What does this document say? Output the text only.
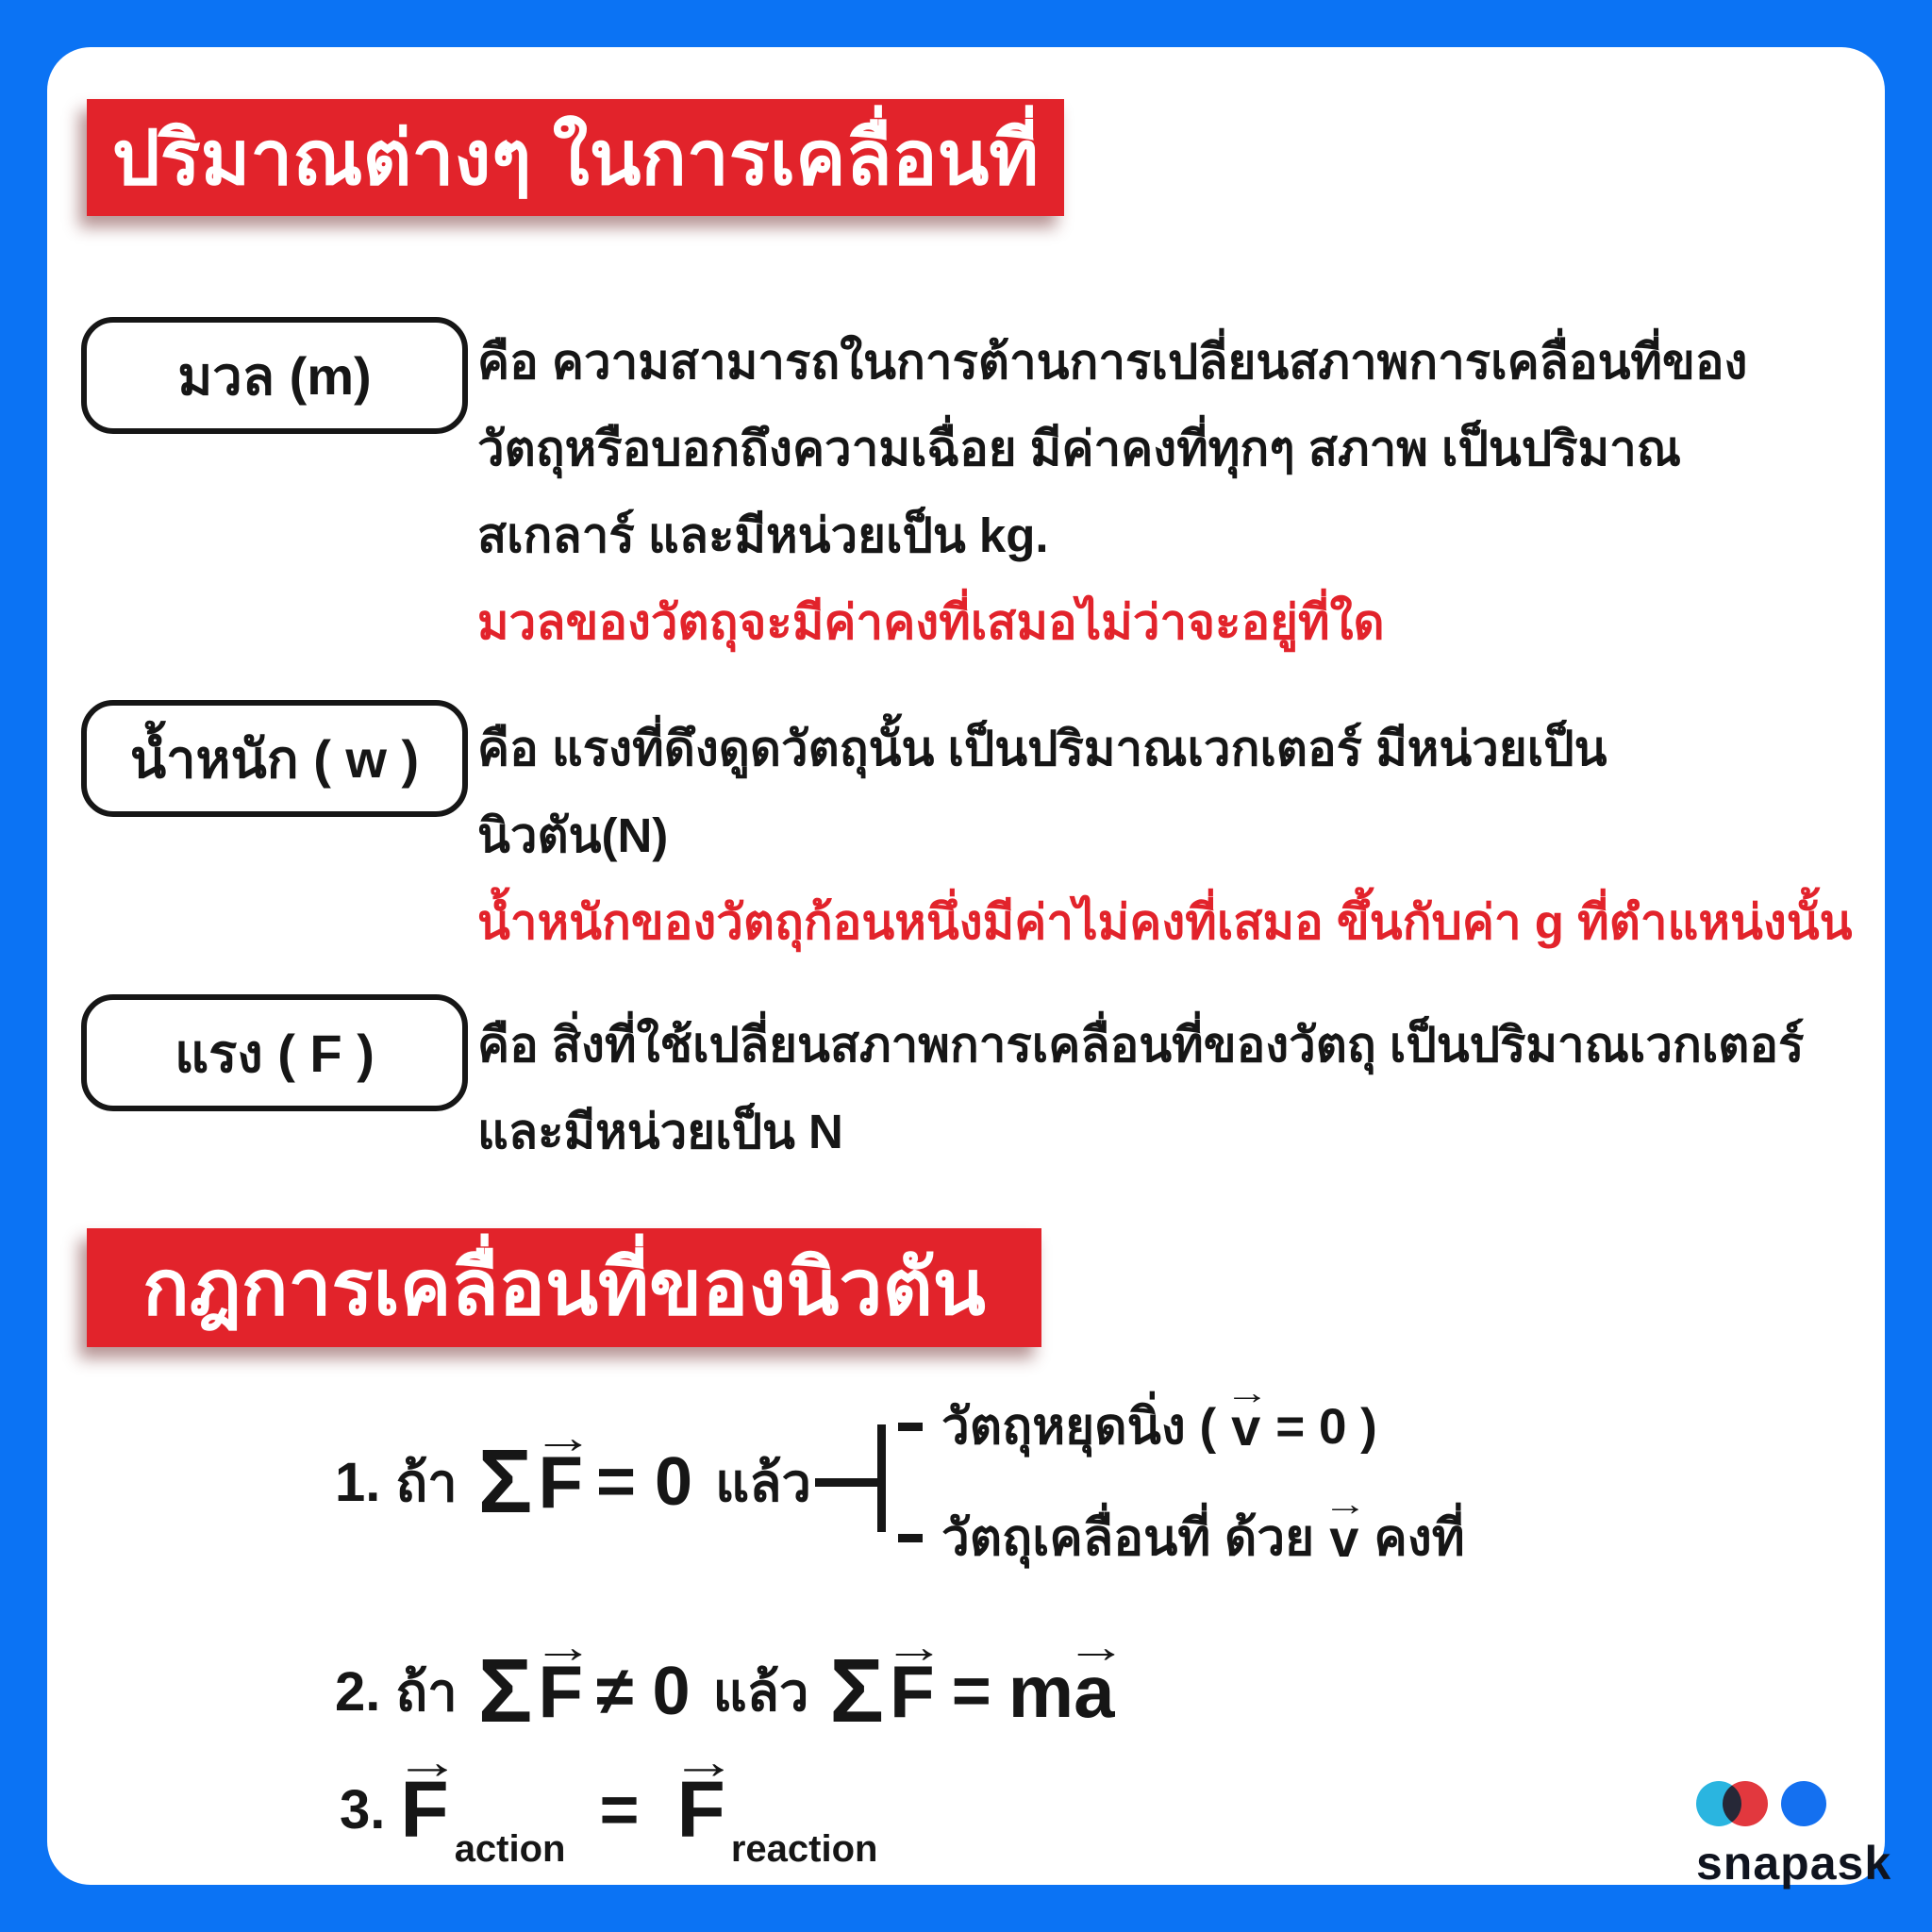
ปริมาณต่างๆ ในการเคลื่อนที่
มวล (m) คือ ความสามารถในการต้านการเปลี่ยนสภาพการเคลื่อนที่ของ
วัตถุหรือบอกถึงความเฉื่อย มีค่าคงที่ทุกๆ สภาพ เป็นปริมาณ
สเกลาร์ และมีหน่วยเป็น kg.
มวลของวัตถุจะมีค่าคงที่เสมอไม่ว่าจะอยู่ที่ใด
น้ำหนัก ( w ) คือ แรงที่ดึงดูดวัตถุนั้น เป็นปริมาณเวกเตอร์ มีหน่วยเป็น
นิวตัน(N)
น้ำหนักของวัตถุก้อนหนึ่งมีค่าไม่คงที่เสมอ ขึ้นกับค่า g ที่ตำแหน่งนั้น
แรง ( F ) คือ สิ่งที่ใช้เปลี่ยนสภาพการเคลื่อนที่ของวัตถุ เป็นปริมาณเวกเตอร์
และมีหน่วยเป็น N
กฎการเคลื่อนที่ของนิวตัน
1. ถ้า Σ F → = 0 แล้ว
วัตถุหยุดนิ่ง ( v → = 0 )
วัตถุเคลื่อนที่ ด้วย v → คงที่
2. ถ้า Σ F → ≠ 0 แล้ว Σ F → = m a →
3. F → action
= F → reaction	snapask
